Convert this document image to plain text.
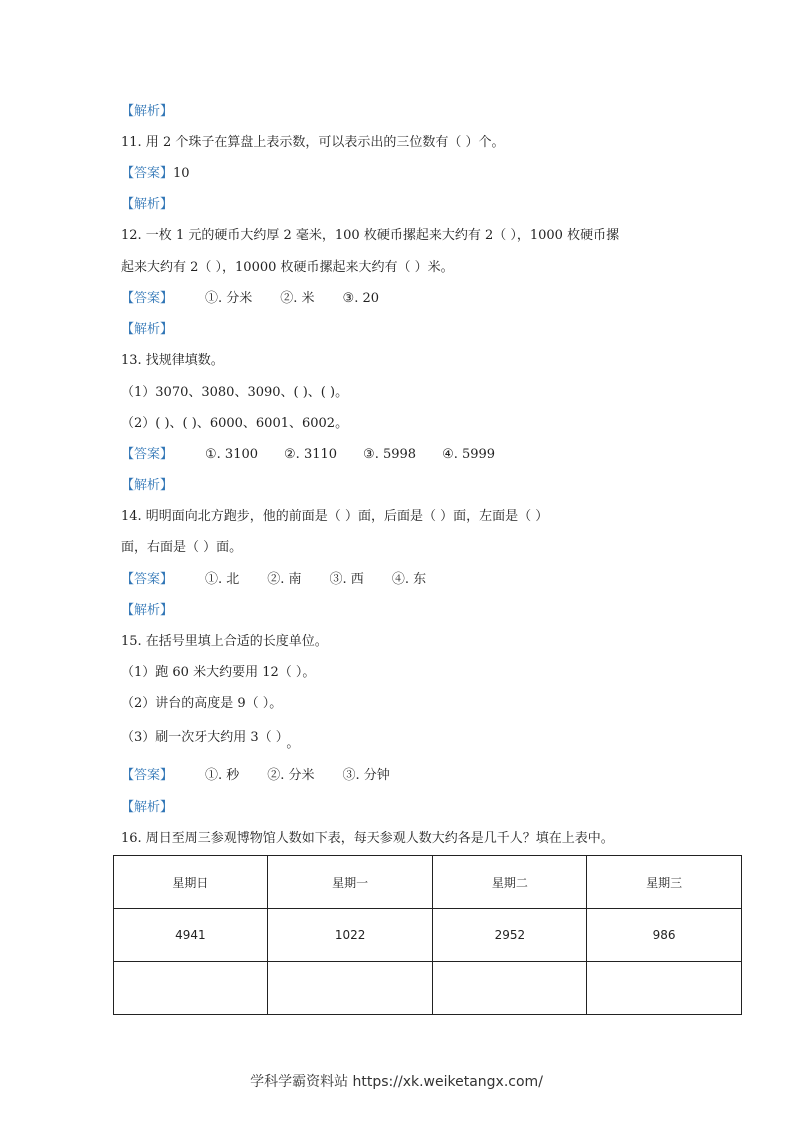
【解析】
11. 用 2 个珠子在算盘上表示数，可以表示出的三位数有（ ）个。
【答案】10
【解析】
12. 一枚 1 元的硬币大约厚 2 毫米，100 枚硬币摞起来大约有 2（ ），1000 枚硬币摞
起来大约有 2（ ），10000 枚硬币摞起来大约有（ ）米。
【答案】 ①. 分米 ②. 米 ③. 20
【解析】
13. 找规律填数。
（1）3070、3080、3090、( )、( )。
（2）( )、( )、6000、6001、6002。
【答案】 ①. 3100 ②. 3110 ③. 5998 ④. 5999
【解析】
14. 明明面向北方跑步，他的前面是（ ）面，后面是（ ）面，左面是（ ）
面，右面是（ ）面。
【答案】 ①. 北 ②. 南 ③. 西 ④. 东
【解析】
15. 在括号里填上合适的长度单位。
（1）跑 60 米大约要用 12（ ）。
（2）讲台的高度是 9（ ）。
（3）刷一次牙大约用 3（ ） 。
【答案】 ①. 秒 ②. 分米 ③. 分钟
【解析】
16. 周日至周三参观博物馆人数如下表，每天参观人数大约各是几千人？填在上表中。
星期日	星期一	星期二	星期三
4941	1022	2952	986

学科学霸资料站 https://xk.weiketangx.com/
